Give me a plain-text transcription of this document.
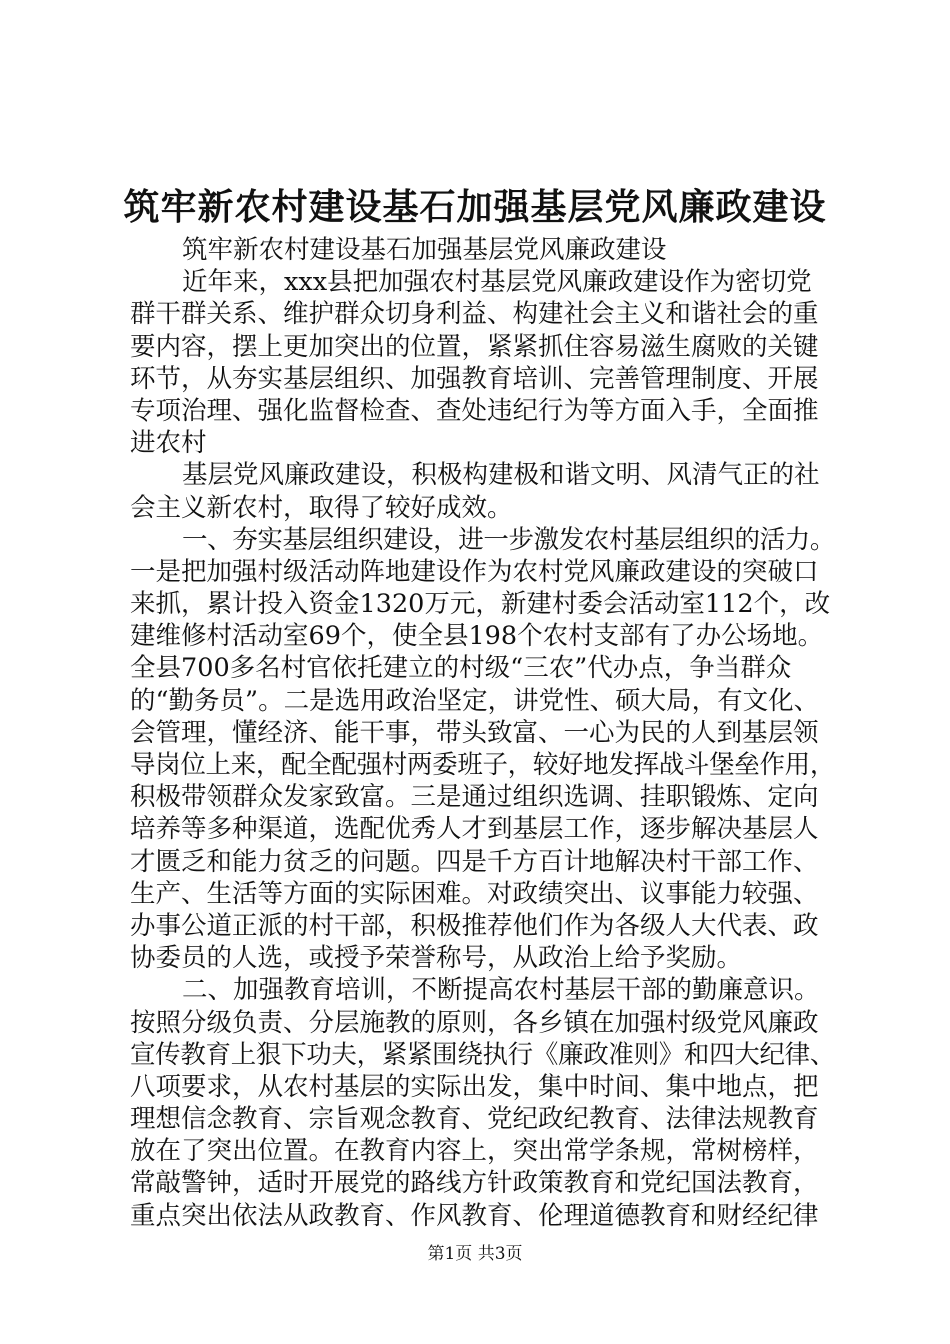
筑牢新农村建设基石加强基层党风廉政建设
筑牢新农村建设基石加强基层党风廉政建设
近年来，xxx县把加强农村基层党风廉政建设作为密切党
群干群关系、维护群众切身利益、构建社会主义和谐社会的重
要内容，摆上更加突出的位置，紧紧抓住容易滋生腐败的关键
环节，从夯实基层组织、加强教育培训、完善管理制度、开展
专项治理、强化监督检查、查处违纪行为等方面入手，全面推
进农村
基层党风廉政建设，积极构建极和谐文明、风清气正的社
会主义新农村，取得了较好成效。
一、夯实基层组织建设，进一步激发农村基层组织的活力。
一是把加强村级活动阵地建设作为农村党风廉政建设的突破口
来抓，累计投入资金1320万元，新建村委会活动室112个，改
建维修村活动室69个，使全县198个农村支部有了办公场地。
全县700多名村官依托建立的村级“三农”代办点，争当群众
的“勤务员”。二是选用政治坚定，讲党性、硕大局，有文化、
会管理，懂经济、能干事，带头致富、一心为民的人到基层领
导岗位上来，配全配强村两委班子，较好地发挥战斗堡垒作用，
积极带领群众发家致富。三是通过组织选调、挂职锻炼、定向
培养等多种渠道，选配优秀人才到基层工作，逐步解决基层人
才匮乏和能力贫乏的问题。四是千方百计地解决村干部工作、
生产、生活等方面的实际困难。对政绩突出、议事能力较强、
办事公道正派的村干部，积极推荐他们作为各级人大代表、政
协委员的人选，或授予荣誉称号，从政治上给予奖励。
二、加强教育培训，不断提高农村基层干部的勤廉意识。
按照分级负责、分层施教的原则，各乡镇在加强村级党风廉政
宣传教育上狠下功夫，紧紧围绕执行《廉政准则》和四大纪律、
八项要求，从农村基层的实际出发，集中时间、集中地点，把
理想信念教育、宗旨观念教育、党纪政纪教育、法律法规教育
放在了突出位置。在教育内容上，突出常学条规，常树榜样，
常敲警钟，适时开展党的路线方针政策教育和党纪国法教育，
重点突出依法从政教育、作风教育、伦理道德教育和财经纪律
第1页 共3页
